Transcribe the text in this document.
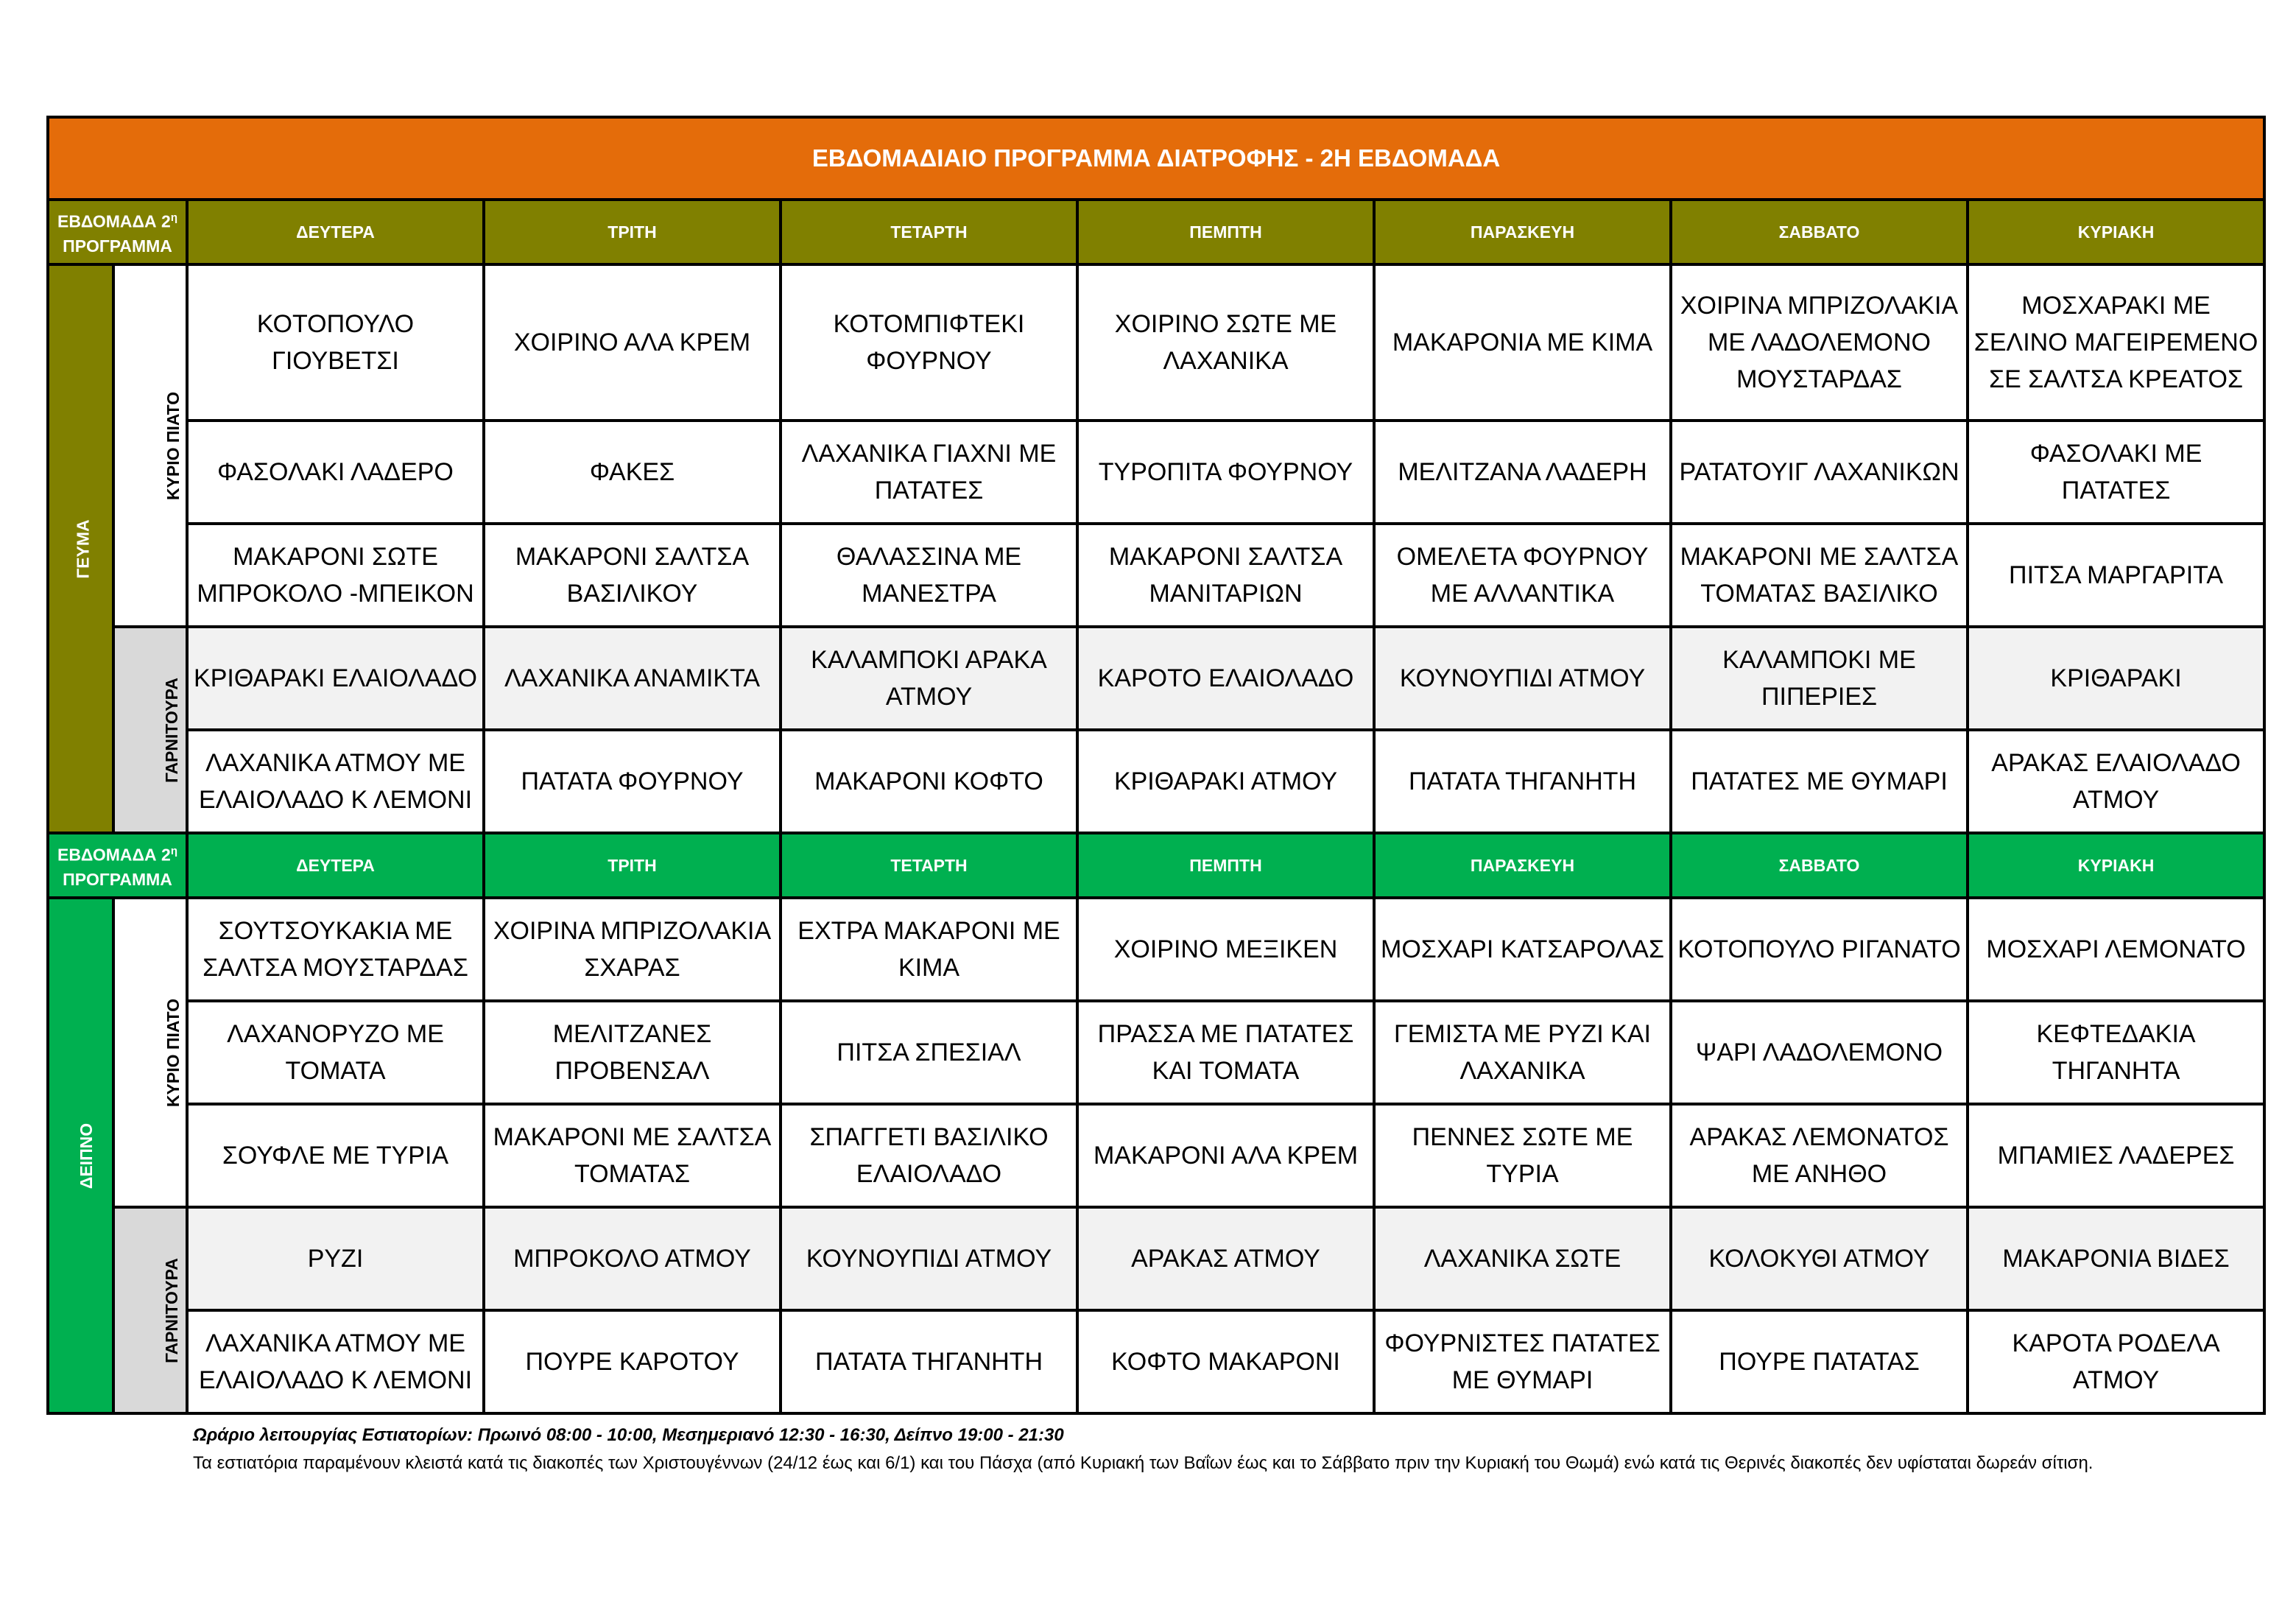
ΕΒΔΟΜΑΔΙΑΙΟ ΠΡΟΓΡΑΜΜΑ ΔΙΑΤΡΟΦΗΣ - 2Η ΕΒΔΟΜΑΔΑ								
ΕΒΔΟΜΑΔΑ $2^\eta$
ΠΡΟΓΡΑΜΜΑ		ΔΕΥΤΕΡΑ	ΤΡΙΤΗ	ΤΕΤΑΡΤΗ	ΠΕΜΠΤΗ	ΠΑΡΑΣΚΕΥΗ	ΣΑΒΒΑΤΟ	ΚΥΡΙΑΚΗ
ΓΕΥΜΑ	ΚΥΡΙΟ ΠΙΑΤΟ	ΚΟΤΟΠΟΥΛΟ ΓΙΟΥΒΕΤΣΙ	ΧΟΙΡΙΝΟ ΑΛΑ ΚΡΕΜ	ΚΟΤΟΜΠΙΦΤΕΚΙ ΦΟΥΡΝΟΥ	ΧΟΙΡΙΝΟ ΣΩΤΕ ΜΕ ΛΑΧΑΝΙΚΑ	ΜΑΚΑΡΟΝΙΑ ΜΕ ΚΙΜΑ	ΧΟΙΡΙΝΑ ΜΠΡΙΖΟΛΑΚΙΑ ΜΕ ΛΑΔΟΛΕΜΟΝΟ ΜΟΥΣΤΑΡΔΑΣ	ΜΟΣΧΑΡΑΚΙ ΜΕ ΣΕΛΙΝΟ ΜΑΓΕΙΡΕΜΕΝΟ ΣΕ ΣΑΛΤΣΑ ΚΡΕΑΤΟΣ
		ΦΑΣΟΛΑΚΙ ΛΑΔΕΡΟ	ΦΑΚΕΣ	ΛΑΧΑΝΙΚΑ ΓΙΑΧΝΙ ΜΕ ΠΑΤΑΤΕΣ	ΤΥΡΟΠΙΤΑ ΦΟΥΡΝΟΥ	ΜΕΛΙΤΖΑΝΑ ΛΑΔΕΡΗ	ΡΑΤΑΤΟΥΙΓ ΛΑΧΑΝΙΚΩΝ	ΦΑΣΟΛΑΚΙ ΜΕ ΠΑΤΑΤΕΣ
		ΜΑΚΑΡΟΝΙ ΣΩΤΕ ΜΠΡΟΚΟΛΟ -ΜΠΕΙΚΟΝ	ΜΑΚΑΡΟΝΙ ΣΑΛΤΣΑ ΒΑΣΙΛΙΚΟΥ	ΘΑΛΑΣΣΙΝΑ ΜΕ ΜΑΝΕΣΤΡΑ	ΜΑΚΑΡΟΝΙ ΣΑΛΤΣΑ ΜΑΝΙΤΑΡΙΩΝ	ΟΜΕΛΕΤΑ ΦΟΥΡΝΟΥ ΜΕ ΑΛΛΑΝΤΙΚΑ	ΜΑΚΑΡΟΝΙ ΜΕ ΣΑΛΤΣΑ ΤΟΜΑΤΑΣ ΒΑΣΙΛΙΚΟ	ΠΙΤΣΑ ΜΑΡΓΑΡΙΤΑ
	ΓΑΡΝΙΤΟΥΡΑ	ΚΡΙΘΑΡΑΚΙ ΕΛΑΙΟΛΑΔΟ	ΛΑΧΑΝΙΚΑ ΑΝΑΜΙΚΤΑ	ΚΑΛΑΜΠΟΚΙ ΑΡΑΚΑ ΑΤΜΟΥ	ΚΑΡΟΤΟ ΕΛΑΙΟΛΑΔΟ	ΚΟΥΝΟΥΠΙΔΙ ΑΤΜΟΥ	ΚΑΛΑΜΠΟΚΙ ΜΕ ΠΙΠΕΡΙΕΣ	ΚΡΙΘΑΡΑΚΙ
		ΛΑΧΑΝΙΚΑ ΑΤΜΟΥ ΜΕ ΕΛΑΙΟΛΑΔΟ Κ ΛΕΜΟΝΙ	ΠΑΤΑΤΑ ΦΟΥΡΝΟΥ	ΜΑΚΑΡΟΝΙ ΚΟΦΤΟ	ΚΡΙΘΑΡΑΚΙ ΑΤΜΟΥ	ΠΑΤΑΤΑ ΤΗΓΑΝΗΤΗ	ΠΑΤΑΤΕΣ ΜΕ ΘΥΜΑΡΙ	ΑΡΑΚΑΣ ΕΛΑΙΟΛΑΔΟ ΑΤΜΟΥ
ΕΒΔΟΜΑΔΑ $2^\eta$
ΠΡΟΓΡΑΜΜΑ		ΔΕΥΤΕΡΑ	ΤΡΙΤΗ	ΤΕΤΑΡΤΗ	ΠΕΜΠΤΗ	ΠΑΡΑΣΚΕΥΗ	ΣΑΒΒΑΤΟ	ΚΥΡΙΑΚΗ
ΔΕΙΠΝΟ	ΚΥΡΙΟ ΠΙΑΤΟ	ΣΟΥΤΣΟΥΚΑΚΙΑ ΜΕ ΣΑΛΤΣΑ ΜΟΥΣΤΑΡΔΑΣ	ΧΟΙΡΙΝΑ ΜΠΡΙΖΟΛΑΚΙΑ ΣΧΑΡΑΣ	ΕΧΤΡΑ ΜΑΚΑΡΟΝΙ ΜΕ ΚΙΜΑ	ΧΟΙΡΙΝΟ ΜΕΞΙΚΕΝ	ΜΟΣΧΑΡΙ ΚΑΤΣΑΡΟΛΑΣ	ΚΟΤΟΠΟΥΛΟ ΡΙΓΑΝΑΤΟ	ΜΟΣΧΑΡΙ ΛΕΜΟΝΑΤΟ
		ΛΑΧΑΝΟΡΥΖΟ ΜΕ ΤΟΜΑΤΑ	ΜΕΛΙΤΖΑΝΕΣ ΠΡΟΒΕΝΣΑΛ	ΠΙΤΣΑ ΣΠΕΣΙΑΛ	ΠΡΑΣΣΑ ΜΕ ΠΑΤΑΤΕΣ ΚΑΙ ΤΟΜΑΤΑ	ΓΕΜΙΣΤΑ ΜΕ ΡΥΖΙ ΚΑΙ ΛΑΧΑΝΙΚΑ	ΨΑΡΙ ΛΑΔΟΛΕΜΟΝΟ	ΚΕΦΤΕΔΑΚΙΑ ΤΗΓΑΝΗΤΑ
		ΣΟΥΦΛΕ ΜΕ ΤΥΡΙΑ	ΜΑΚΑΡΟΝΙ ΜΕ ΣΑΛΤΣΑ ΤΟΜΑΤΑΣ	ΣΠΑΓΓΕΤΙ ΒΑΣΙΛΙΚΟ ΕΛΑΙΟΛΑΔΟ	ΜΑΚΑΡΟΝΙ ΑΛΑ ΚΡΕΜ	ΠΕΝΝΕΣ ΣΩΤΕ ΜΕ ΤΥΡΙΑ	ΑΡΑΚΑΣ ΛΕΜΟΝΑΤΟΣ ΜΕ ΑΝΗΘΟ	ΜΠΑΜΙΕΣ ΛΑΔΕΡΕΣ
	ΓΑΡΝΙΤΟΥΡΑ	ΡΥΖΙ	ΜΠΡΟΚΟΛΟ ΑΤΜΟΥ	ΚΟΥΝΟΥΠΙΔΙ ΑΤΜΟΥ	ΑΡΑΚΑΣ ΑΤΜΟΥ	ΛΑΧΑΝΙΚΑ ΣΩΤΕ	ΚΟΛΟΚΥΘΙ ΑΤΜΟΥ	ΜΑΚΑΡΟΝΙΑ ΒΙΔΕΣ
		ΛΑΧΑΝΙΚΑ ΑΤΜΟΥ ΜΕ ΕΛΑΙΟΛΑΔΟ Κ ΛΕΜΟΝΙ	ΠΟΥΡΕ ΚΑΡΟΤΟΥ	ΠΑΤΑΤΑ ΤΗΓΑΝΗΤΗ	ΚΟΦΤΟ ΜΑΚΑΡΟΝΙ	ΦΟΥΡΝΙΣΤΕΣ ΠΑΤΑΤΕΣ ΜΕ ΘΥΜΑΡΙ	ΠΟΥΡΕ ΠΑΤΑΤΑΣ	ΚΑΡΟΤΑ ΡΟΔΕΛΑ ΑΤΜΟΥ
Ωράριο λειτουργίας Εστιατορίων: Πρωινό 08:00 - 10:00, Μεσημεριανό 12:30 - 16:30, Δείπνο 19:00 - 21:30
Τα εστιατόρια παραμένουν κλειστά κατά τις διακοπές των Χριστουγέννων (24/12 έως και 6/1) και του Πάσχα (από Κυριακή των Βαΐων έως και το Σάββατο πριν την Κυριακή του Θωμά) ενώ κατά τις Θερινές διακοπές δεν υφίσταται δωρεάν σίτιση.
